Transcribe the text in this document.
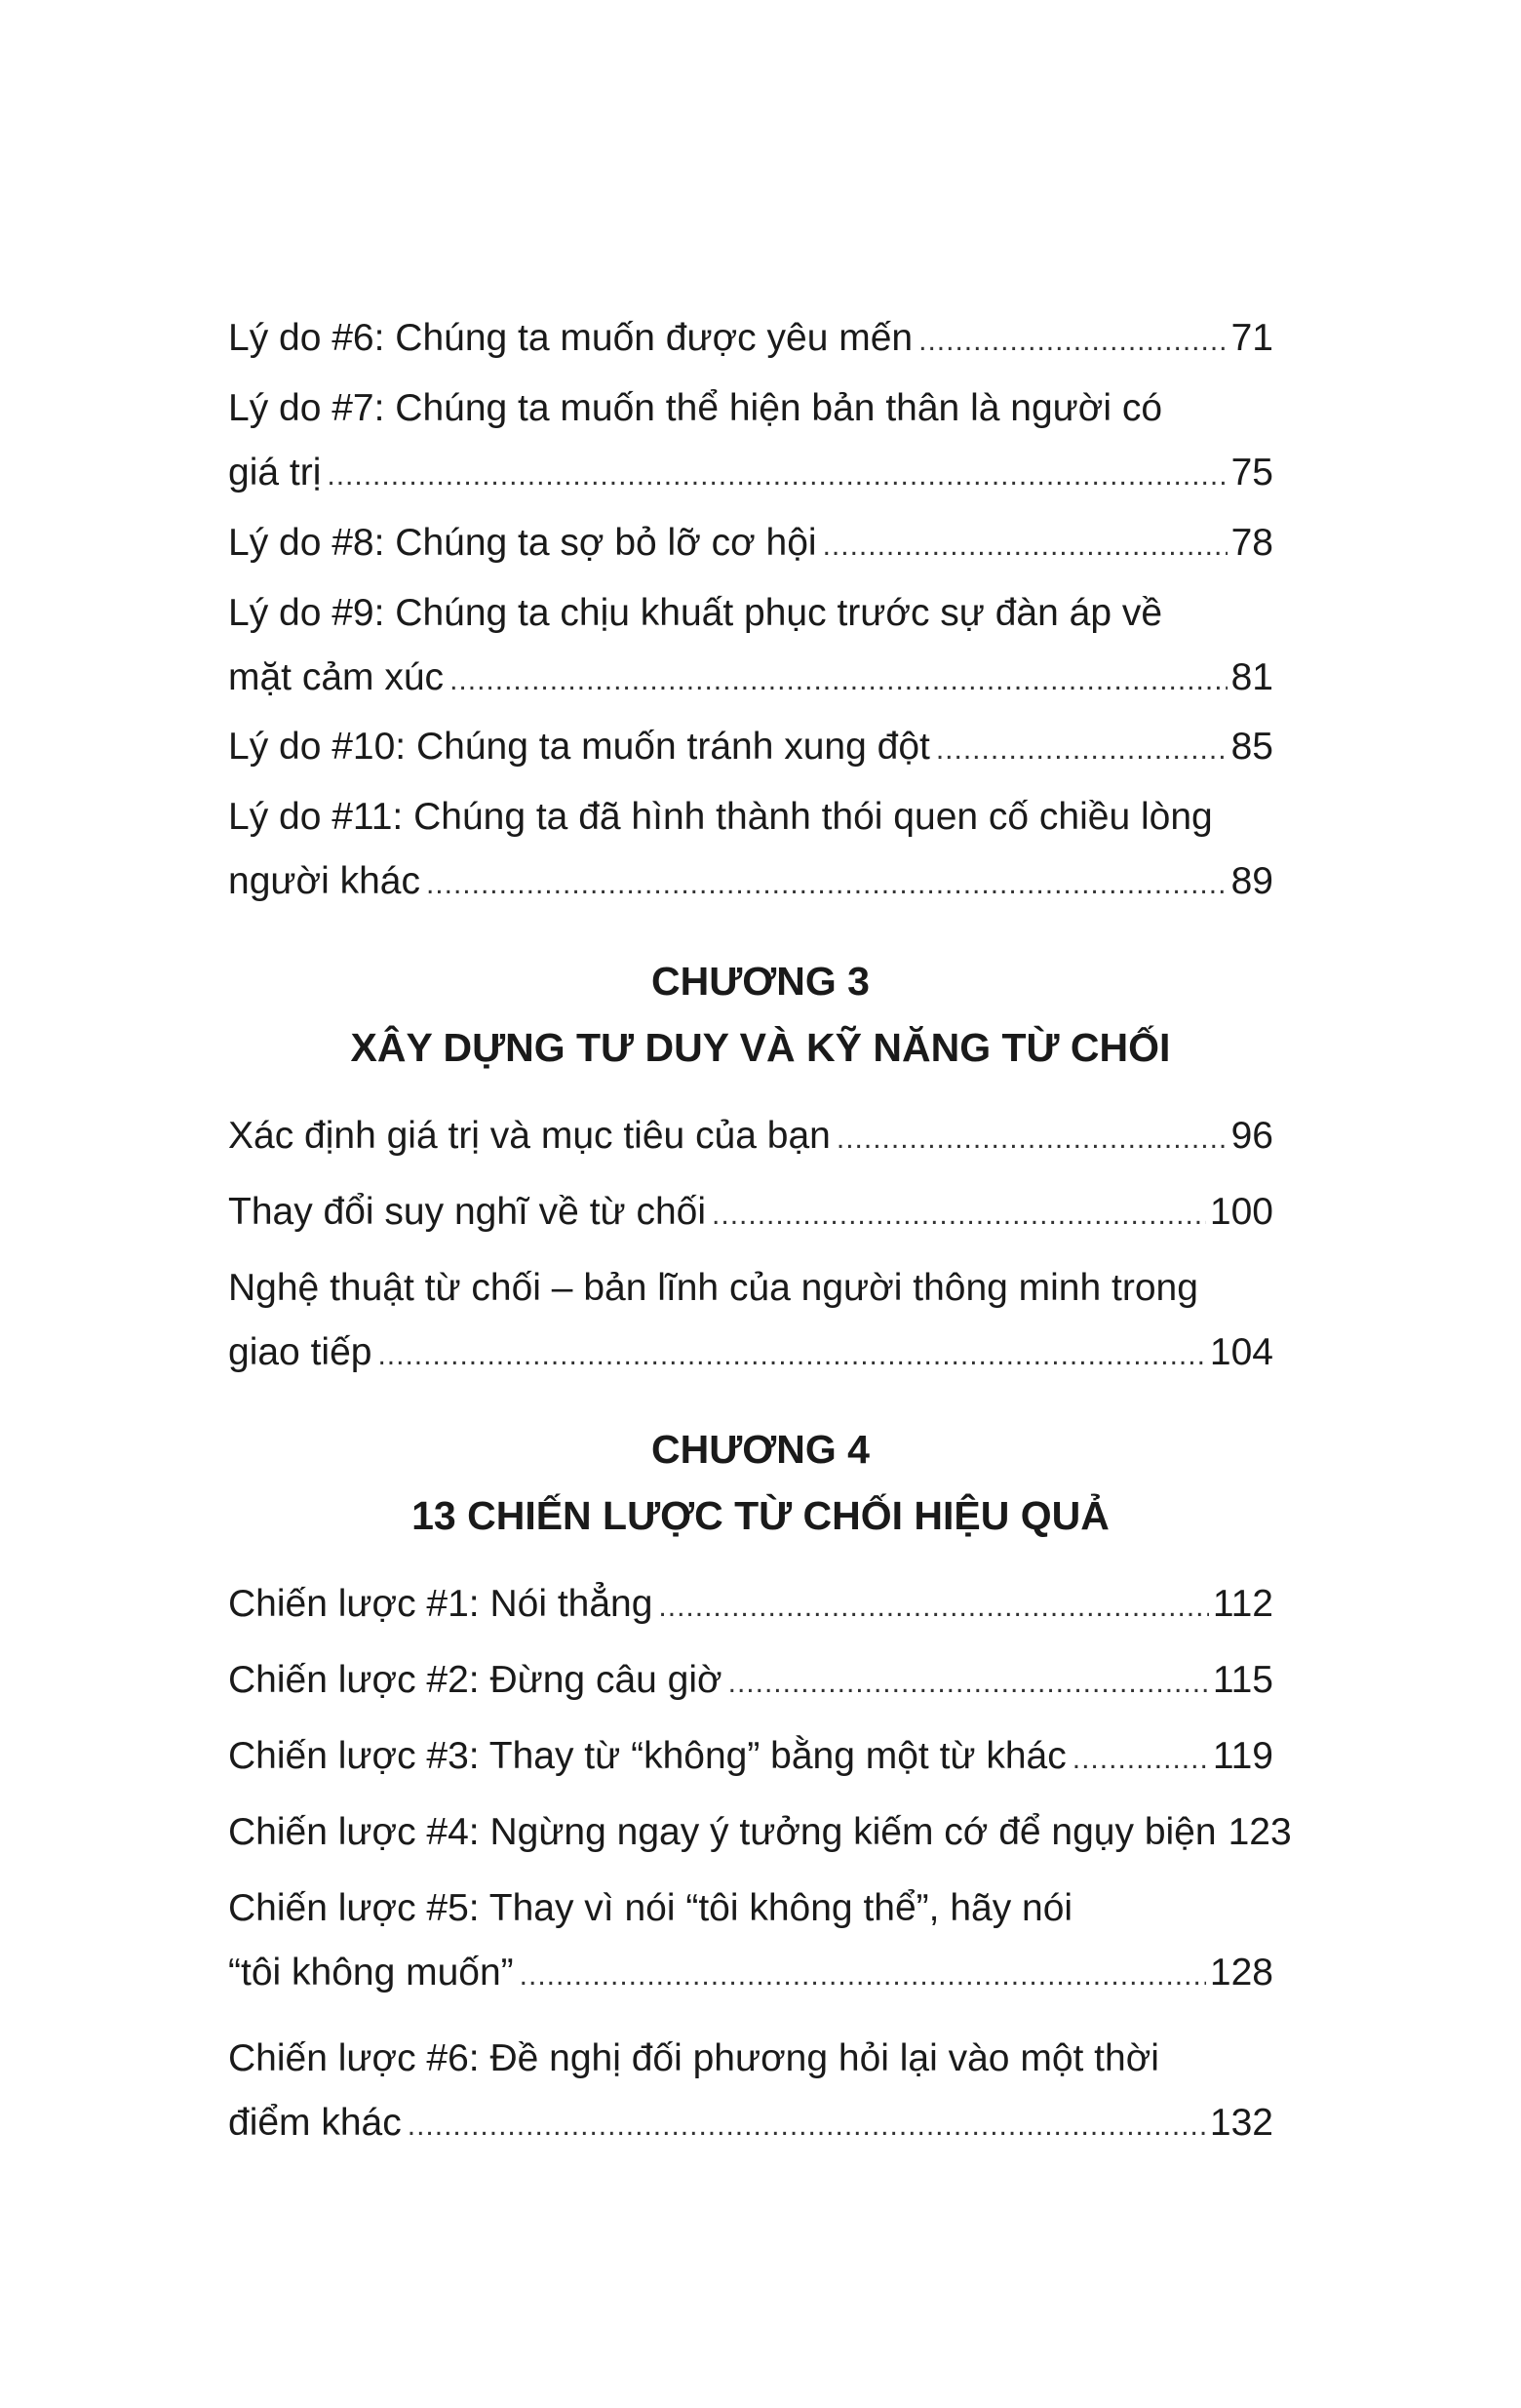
Lý do #6: Chúng ta muốn được yêu mến .....	71
Lý do #7: Chúng ta muốn thể hiện bản thân là người có
giá trị .....	75
Lý do #8: Chúng ta sợ bỏ lỡ cơ hội .....	78
Lý do #9: Chúng ta chịu khuất phục trước sự đàn áp về
mặt cảm xúc .....	81
Lý do #10: Chúng ta muốn tránh xung đột .....	85
Lý do #11: Chúng ta đã hình thành thói quen cố chiều lòng
người khác .....	89
CHƯƠNG 3
XÂY DỰNG TƯ DUY VÀ KỸ NĂNG TỪ CHỐI
Xác định giá trị và mục tiêu của bạn .....	96
Thay đổi suy nghĩ về từ chối .....	100
Nghệ thuật từ chối – bản lĩnh của người thông minh trong
giao tiếp .....	104
CHƯƠNG 4
13 CHIẾN LƯỢC TỪ CHỐI HIỆU QUẢ
Chiến lược #1: Nói thẳng .....	112
Chiến lược #2: Đừng câu giờ .....	115
Chiến lược #3: Thay từ “không” bằng một từ khác .....	119
Chiến lược #4: Ngừng ngay ý tưởng kiếm cớ để ngụy biện 123
Chiến lược #5: Thay vì nói “tôi không thể”, hãy nói
“tôi không muốn” .....	128
Chiến lược #6: Đề nghị đối phương hỏi lại vào một thời
điểm khác .....	132
